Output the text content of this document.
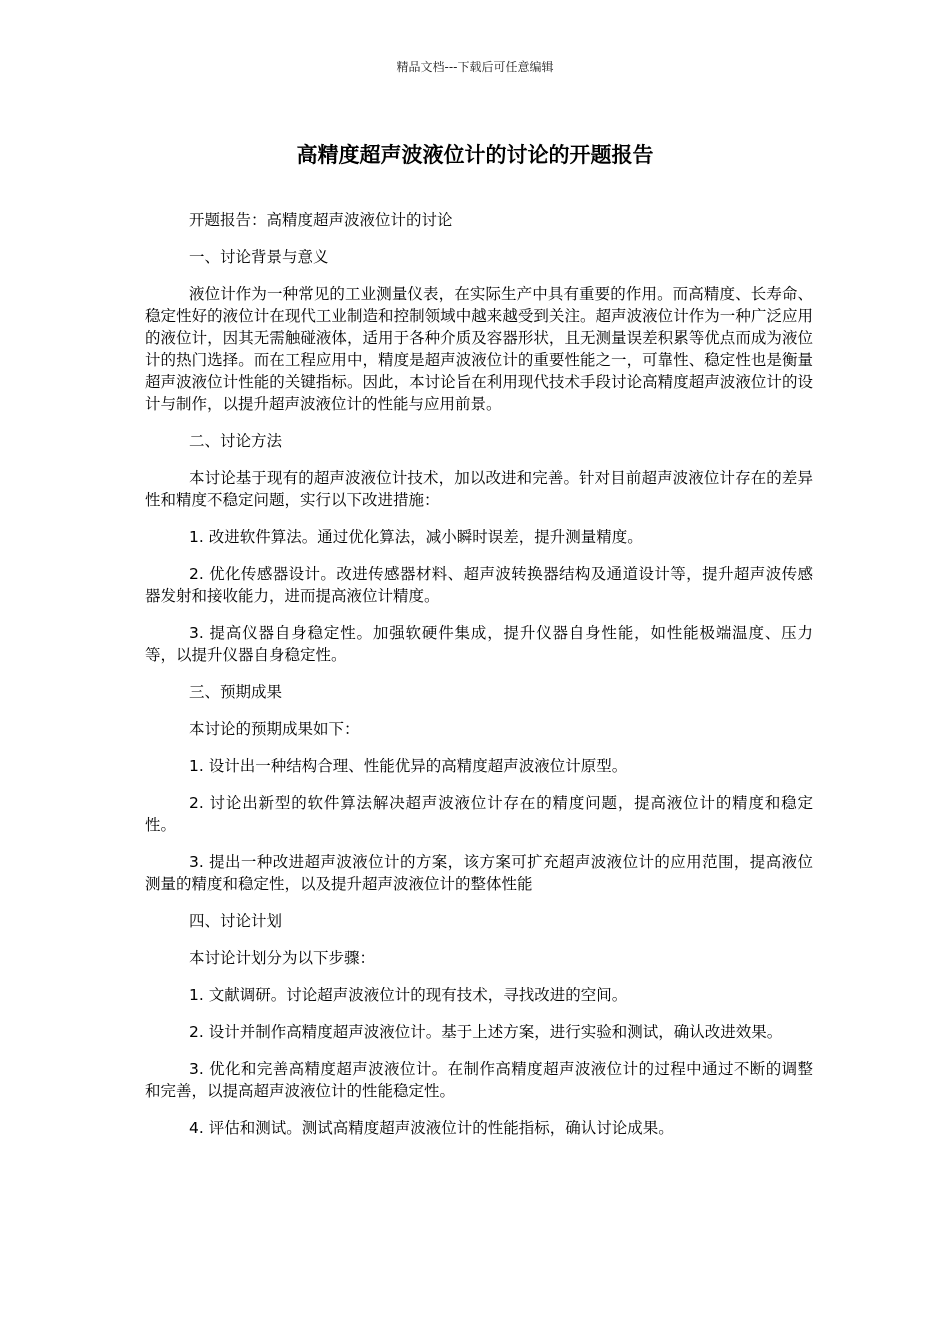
精品文档---下载后可任意编辑
高精度超声波液位计的讨论的开题报告

开题报告：高精度超声波液位计的讨论

一、讨论背景与意义

液位计作为一种常见的工业测量仪表，在实际生产中具有重要的作用。而高精度、长寿命、稳定性好的液位计在现代工业制造和控制领域中越来越受到关注。超声波液位计作为一种广泛应用的液位计，因其无需触碰液体，适用于各种介质及容器形状，且无测量误差积累等优点而成为液位计的热门选择。而在工程应用中，精度是超声波液位计的重要性能之一，可靠性、稳定性也是衡量超声波液位计性能的关键指标。因此，本讨论旨在利用现代技术手段讨论高精度超声波液位计的设计与制作，以提升超声波液位计的性能与应用前景。

二、讨论方法

本讨论基于现有的超声波液位计技术，加以改进和完善。针对目前超声波液位计存在的差异性和精度不稳定问题，实行以下改进措施：

1. 改进软件算法。通过优化算法，减小瞬时误差，提升测量精度。

2. 优化传感器设计。改进传感器材料、超声波转换器结构及通道设计等，提升超声波传感器发射和接收能力，进而提高液位计精度。

3. 提高仪器自身稳定性。加强软硬件集成，提升仪器自身性能，如性能极端温度、压力等，以提升仪器自身稳定性。

三、预期成果

本讨论的预期成果如下：

1. 设计出一种结构合理、性能优异的高精度超声波液位计原型。

2. 讨论出新型的软件算法解决超声波液位计存在的精度问题，提高液位计的精度和稳定性。

3. 提出一种改进超声波液位计的方案，该方案可扩充超声波液位计的应用范围，提高液位测量的精度和稳定性，以及提升超声波液位计的整体性能

四、讨论计划

本讨论计划分为以下步骤：

1. 文献调研。讨论超声波液位计的现有技术，寻找改进的空间。

2. 设计并制作高精度超声波液位计。基于上述方案，进行实验和测试，确认改进效果。

3. 优化和完善高精度超声波液位计。在制作高精度超声波液位计的过程中通过不断的调整和完善，以提高超声波液位计的性能稳定性。

4. 评估和测试。测试高精度超声波液位计的性能指标，确认讨论成果。
